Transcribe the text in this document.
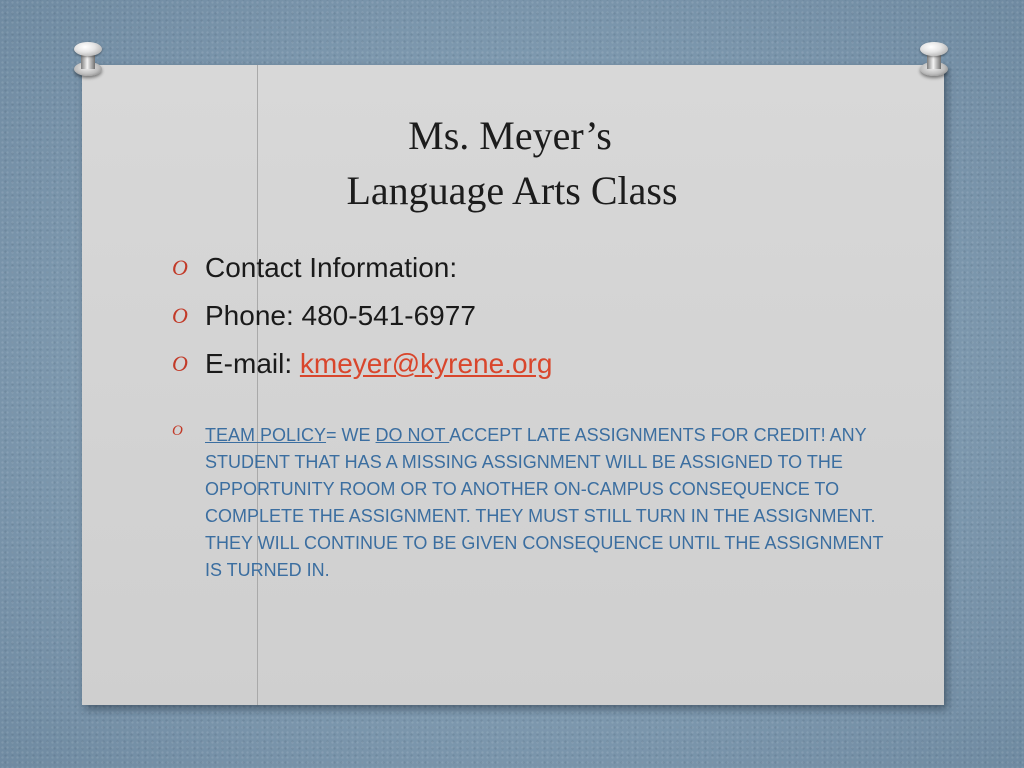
Ms. Meyer’s
Language Arts Class
O Contact Information:
O Phone: 480-541-6977
O E-mail: kmeyer@kyrene.org
O	TEAM POLICY= WE DO NOT ACCEPT LATE ASSIGNMENTS FOR CREDIT! ANY STUDENT THAT HAS A MISSING ASSIGNMENT WILL BE ASSIGNED TO THE OPPORTUNITY ROOM OR TO ANOTHER ON-CAMPUS CONSEQUENCE TO COMPLETE THE ASSIGNMENT. THEY MUST STILL TURN IN THE ASSIGNMENT. THEY WILL CONTINUE TO BE GIVEN CONSEQUENCE UNTIL THE ASSIGNMENT IS TURNED IN.
